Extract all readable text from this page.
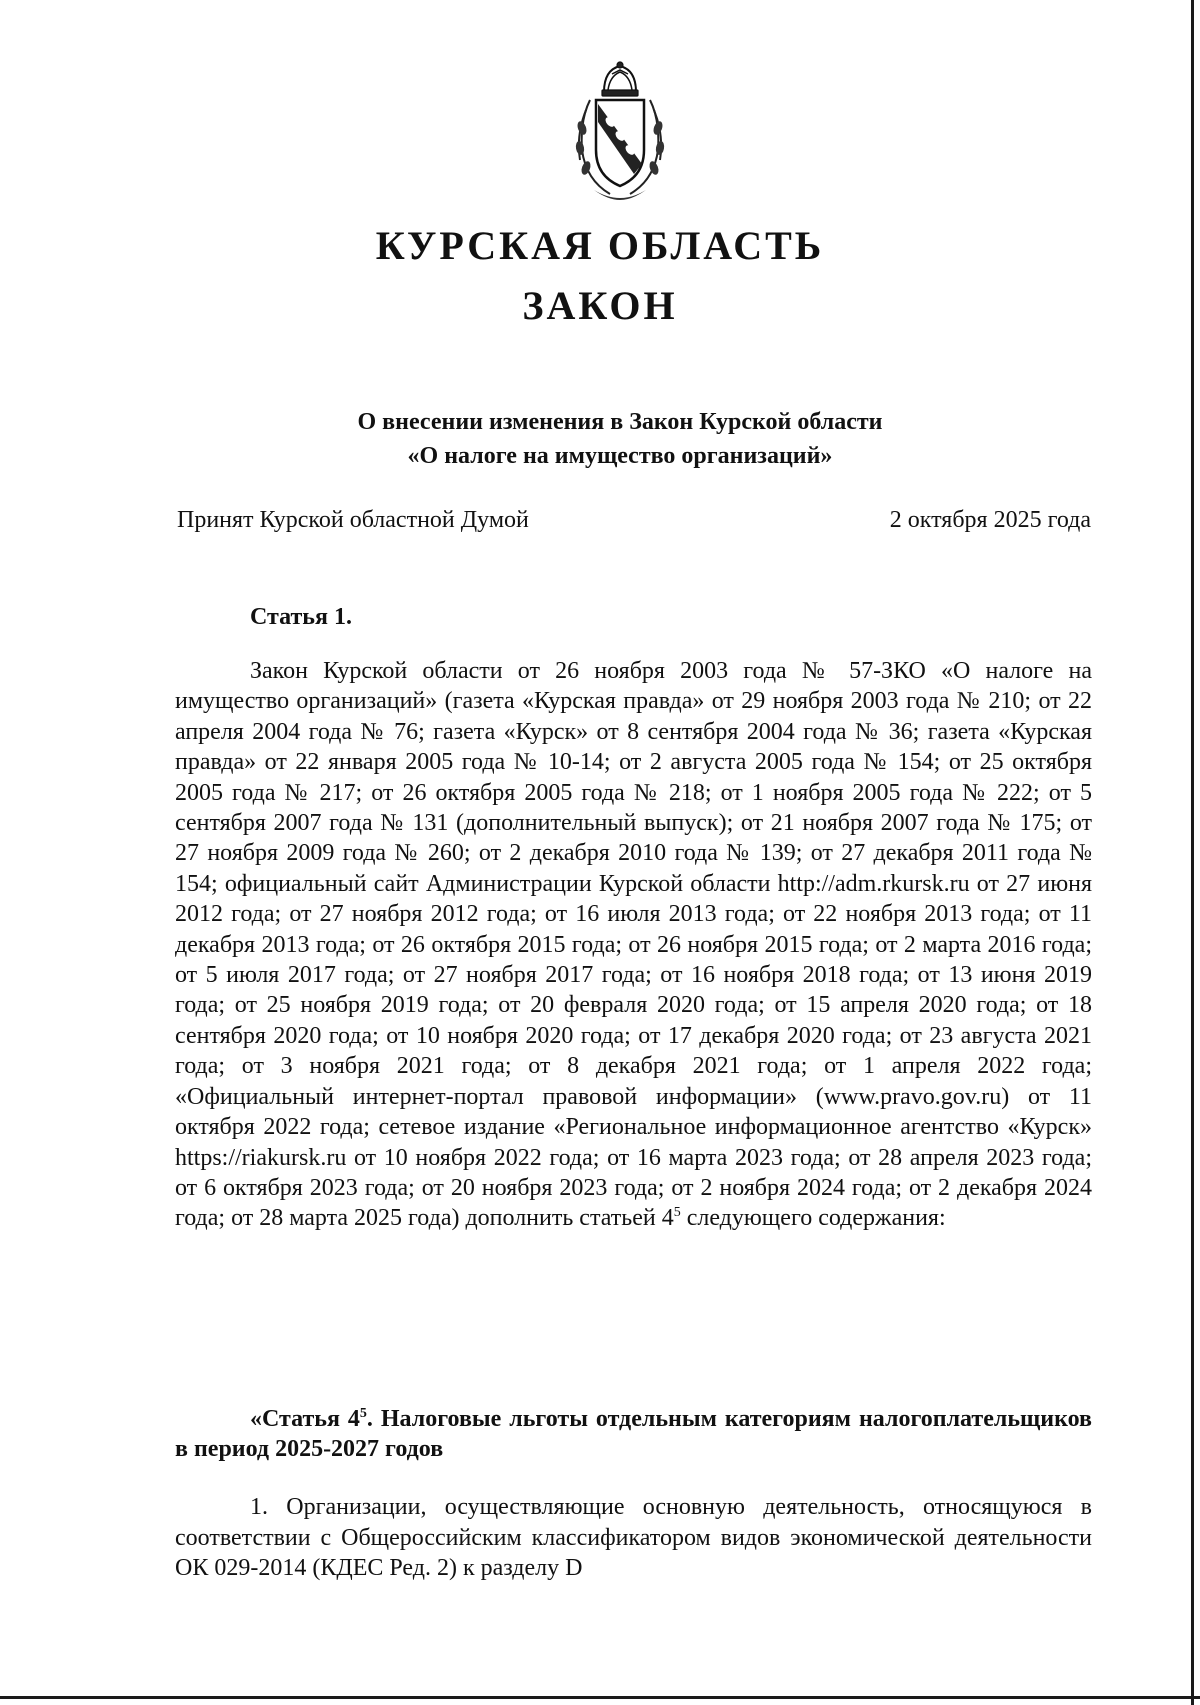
КУРСКАЯ ОБЛАСТЬ
ЗАКОН
О внесении изменения в Закон Курской области
«О налоге на имущество организаций»
Принят Курской областной Думой	2 октября 2025 года
Статья 1.

Закон Курской области от 26 ноября 2003 года № 57-ЗКО «О налоге на имущество организаций» (газета «Курская правда» от 29 ноября 2003 года № 210; от 22 апреля 2004 года № 76; газета «Курск» от 8 сентября 2004 года № 36; газета «Курская правда» от 22 января 2005 года № 10-14; от 2 августа 2005 года № 154; от 25 октября 2005 года № 217; от 26 октября 2005 года № 218; от 1 ноября 2005 года № 222; от 5 сентября 2007 года № 131 (дополнительный выпуск); от 21 ноября 2007 года № 175; от 27 ноября 2009 года № 260; от 2 декабря 2010 года № 139; от 27 декабря 2011 года № 154; официальный сайт Администрации Курской области http://adm.rkursk.ru от 27 июня 2012 года; от 27 ноября 2012 года; от 16 июля 2013 года; от 22 ноября 2013 года; от 11 декабря 2013 года; от 26 октября 2015 года; от 26 ноября 2015 года; от 2 марта 2016 года; от 5 июля 2017 года; от 27 ноября 2017 года; от 16 ноября 2018 года; от 13 июня 2019 года; от 25 ноября 2019 года; от 20 февраля 2020 года; от 15 апреля 2020 года; от 18 сентября 2020 года; от 10 ноября 2020 года; от 17 декабря 2020 года; от 23 августа 2021 года; от 3 ноября 2021 года; от 8 декабря 2021 года; от 1 апреля 2022 года; «Официальный интернет-портал правовой информации» (www.pravo.gov.ru) от 11 октября 2022 года; сетевое издание «Региональное информационное агентство «Курск» https://riakursk.ru от 10 ноября 2022 года; от 16 марта 2023 года; от 28 апреля 2023 года; от 6 октября 2023 года; от 20 ноября 2023 года; от 2 ноября 2024 года; от 2 декабря 2024 года; от 28 марта 2025 года) дополнить статьей $4^5$ следующего содержания:

«Статья $4^5$. Налоговые льготы отдельным категориям налогоплательщиков в период 2025-2027 годов

1. Организации, осуществляющие основную деятельность, относящуюся в соответствии с Общероссийским классификатором видов экономической деятельности ОК 029-2014 (КДЕС Ред. 2) к разделу D
